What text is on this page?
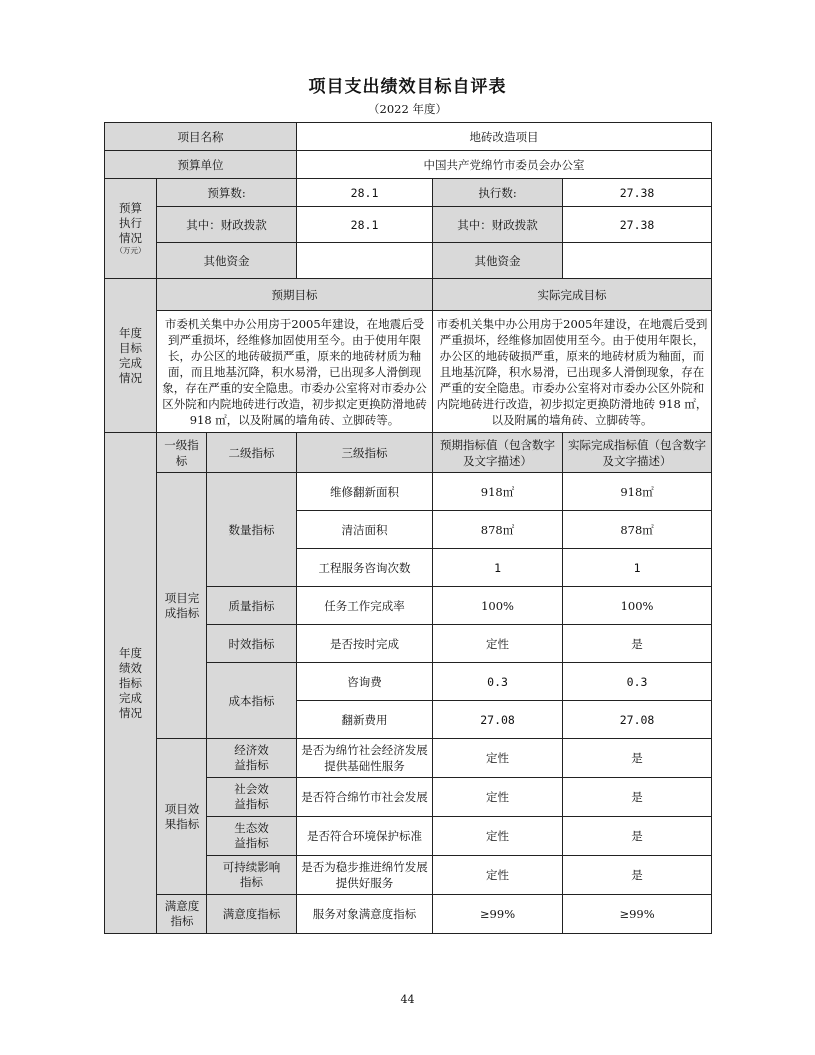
项目支出绩效目标自评表
（2022 年度）
项目名称			地砖改造项目		
预算单位			中国共产党绵竹市委员会办公室		
预算执行情况
（万元）	预算数:		28.1	执行数:	27.38
	其中：财政拨款		28.1	其中：财政拨款	27.38
	其他资金			其他资金	
年度目标完成情况	预期目标			实际完成目标	
	市委机关集中办公用房于2005年建设，在地震后受到严重损坏，经维修加固使用至今。由于使用年限长，办公区的地砖破损严重，原来的地砖材质为釉面，而且地基沉降，积水易滑，已出现多人滑倒现象，存在严重的安全隐患。市委办公室将对市委办公区外院和内院地砖进行改造，初步拟定更换防滑地砖 918 ㎡，以及附属的墙角砖、立脚砖等。			市委机关集中办公用房于2005年建设，在地震后受到严重损坏，经维修加固使用至今。由于使用年限长，办公区的地砖破损严重，原来的地砖材质为釉面，而且地基沉降，积水易滑，已出现多人滑倒现象，存在严重的安全隐患。市委办公室将对市委办公区外院和内院地砖进行改造，初步拟定更换防滑地砖 918 ㎡，以及附属的墙角砖、立脚砖等。	
年度绩效指标完成情况	一级指标	二级指标	三级指标	预期指标值（包含数字及文字描述）	实际完成指标值（包含数字及文字描述）
	项目完成指标	数量指标	维修翻新面积	918㎡	918㎡
			清洁面积	878㎡	878㎡
			工程服务咨询次数	1	1
		质量指标	任务工作完成率	100%	100%
		时效指标	是否按时完成	定性	是
		成本指标	咨询费	0.3	0.3
			翻新费用	27.08	27.08
	项目效果指标	经济效益指标	是否为绵竹社会经济发展提供基础性服务	定性	是
		社会效益指标	是否符合绵竹市社会发展	定性	是
		生态效益指标	是否符合环境保护标准	定性	是
		可持续影响指标	是否为稳步推进绵竹发展提供好服务	定性	是
	满意度指标	满意度指标	服务对象满意度指标	≥99%	≥99%
44
